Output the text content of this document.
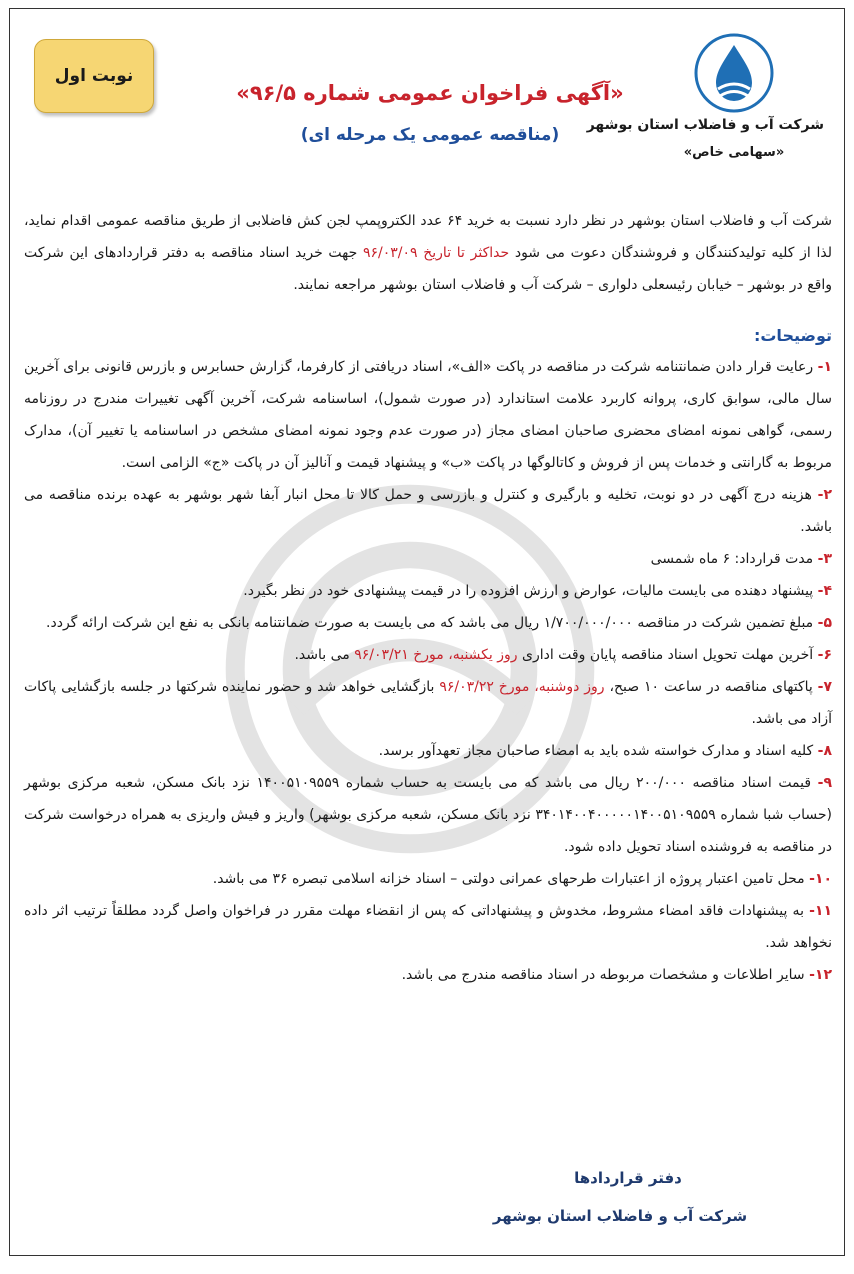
شرکت آب و فاضلاب استان بوشهر
«سهامی خاص»
«آگهی فراخوان عمومی شماره ۹۶/۵»
(مناقصه عمومی یک مرحله ای)
نوبت اول

شرکت آب و فاضلاب استان بوشهر در نظر دارد نسبت به خرید ۶۴ عدد الکتروپمپ لجن کش فاضلابی از طریق مناقصه عمومی اقدام نماید، لذا از کلیه تولیدکنندگان و فروشندگان دعوت می شود حداکثر تا تاریخ ۹۶/۰۳/۰۹ جهت خرید اسناد مناقصه به دفتر قراردادهای این شرکت واقع در بوشهر – خیابان رئیسعلی دلواری – شرکت آب و فاضلاب استان بوشهر مراجعه نمایند.

توضیحات:

۱- رعایت قرار دادن ضمانتنامه شرکت در مناقصه در پاکت «الف»، اسناد دریافتی از کارفرما، گزارش حسابرس و بازرس قانونی برای آخرین سال مالی، سوابق کاری، پروانه کاربرد علامت استاندارد (در صورت شمول)، اساسنامه شرکت، آخرین آگهی تغییرات مندرج در روزنامه رسمی، گواهی نمونه امضای محضری صاحبان امضای مجاز (در صورت عدم وجود نمونه امضای مشخص در اساسنامه یا تغییر آن)، مدارک مربوط به گارانتی و خدمات پس از فروش و کاتالوگها در پاکت «ب» و پیشنهاد قیمت و آنالیز آن در پاکت «ج» الزامی است.

۲- هزینه درج آگهی در دو نوبت، تخلیه و بارگیری و کنترل و بازرسی و حمل کالا تا محل انبار آبفا شهر بوشهر به عهده برنده مناقصه می باشد.

۳- مدت قرارداد: ۶ ماه شمسی

۴- پیشنهاد دهنده می بایست مالیات، عوارض و ارزش افزوده را در قیمت پیشنهادی خود در نظر بگیرد.

۵- مبلغ تضمین شرکت در مناقصه ۱/۷۰۰/۰۰۰/۰۰۰ ریال می باشد که می بایست به صورت ضمانتنامه بانکی به نفع این شرکت ارائه گردد.

۶- آخرین مهلت تحویل اسناد مناقصه پایان وقت اداری روز یکشنبه، مورخ ۹۶/۰۳/۲۱ می باشد.

۷- پاکتهای مناقصه در ساعت ۱۰ صبح، روز دوشنبه، مورخ ۹۶/۰۳/۲۲ بازگشایی خواهد شد و حضور نماینده شرکتها در جلسه بازگشایی پاکات آزاد می باشد.

۸- کلیه اسناد و مدارک خواسته شده باید به امضاء صاحبان مجاز تعهدآور برسد.

۹- قیمت اسناد مناقصه ۲۰۰/۰۰۰ ریال می باشد که می بایست به حساب شماره ۱۴۰۰۵۱۰۹۵۵۹ نزد بانک مسکن، شعبه مرکزی بوشهر (حساب شبا شماره ۳۴۰۱۴۰۰۴۰۰۰۰۰۱۴۰۰۵۱۰۹۵۵۹ نزد بانک مسکن، شعبه مرکزی بوشهر) واریز و فیش واریزی به همراه درخواست شرکت در مناقصه به فروشنده اسناد تحویل داده شود.

۱۰- محل تامین اعتبار پروژه از اعتبارات طرحهای عمرانی دولتی – اسناد خزانه اسلامی تبصره ۳۶ می باشد.

۱۱- به پیشنهادات فاقد امضاء مشروط، مخدوش و پیشنهاداتی که پس از انقضاء مهلت مقرر در فراخوان واصل گردد مطلقاً ترتیب اثر داده نخواهد شد.

۱۲- سایر اطلاعات و مشخصات مربوطه در اسناد مناقصه مندرج می باشد.

دفتر قراردادها
شرکت آب و فاضلاب استان بوشهر
